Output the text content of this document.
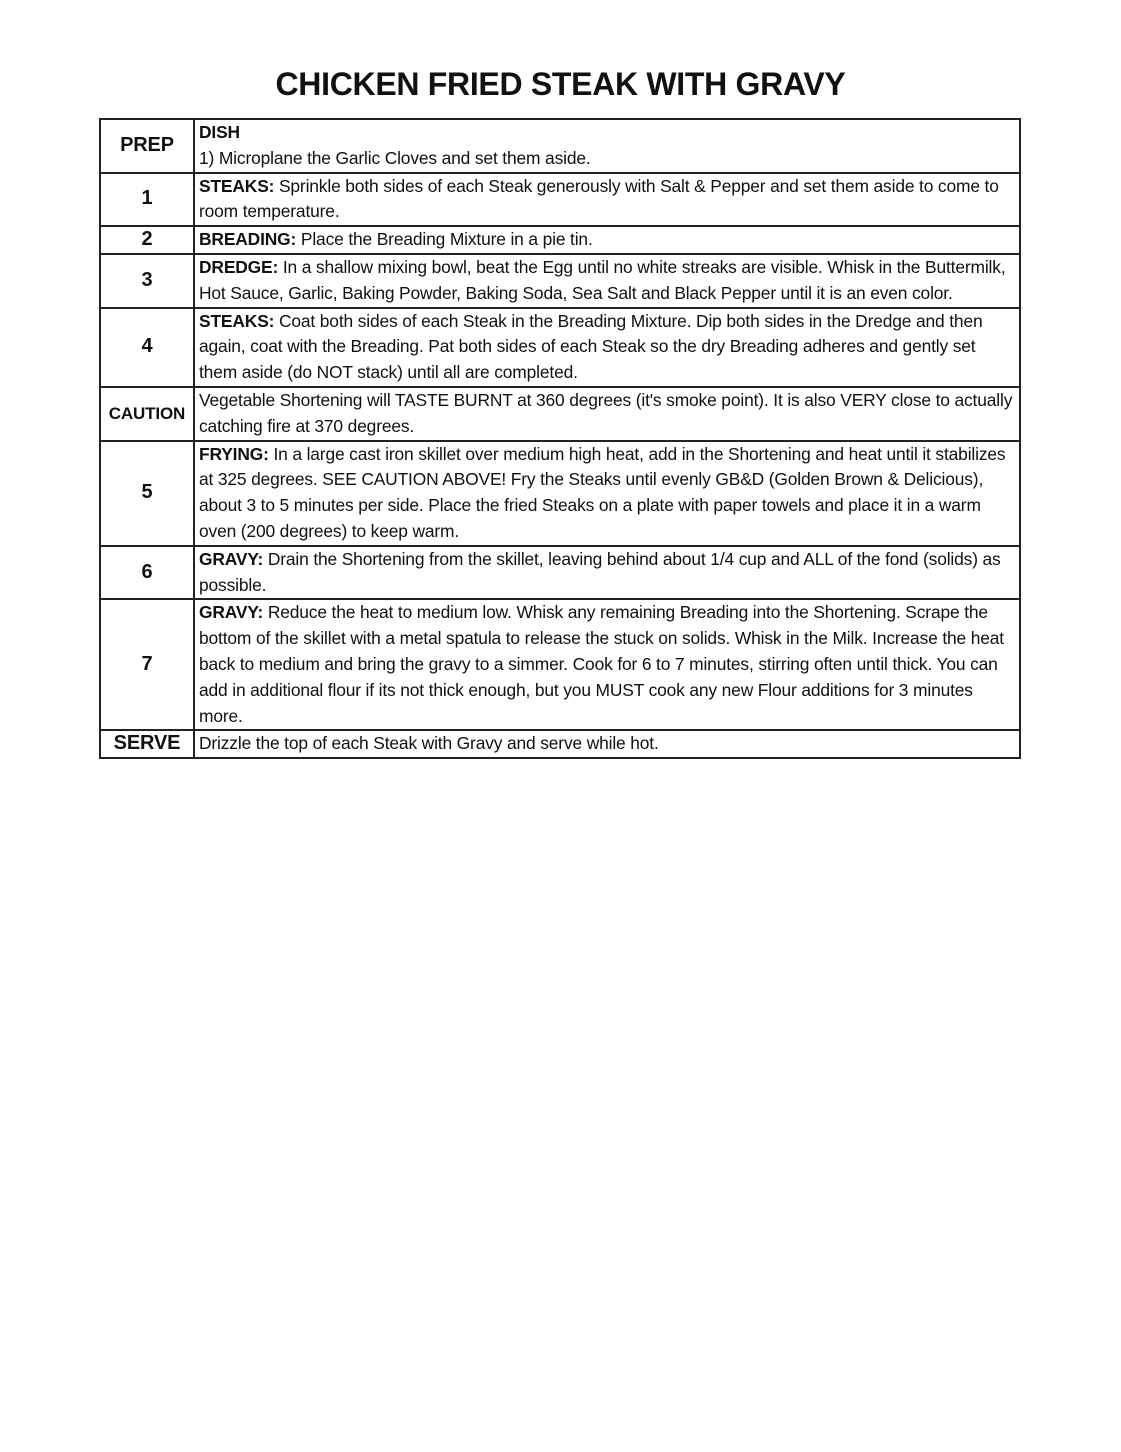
CHICKEN FRIED STEAK WITH GRAVY
PREP	DISH
1) Microplane the Garlic Cloves and set them aside.
1	STEAKS: Sprinkle both sides of each Steak generously with Salt & Pepper and set them aside to come to room temperature.
2	BREADING: Place the Breading Mixture in a pie tin.
3	DREDGE: In a shallow mixing bowl, beat the Egg until no white streaks are visible. Whisk in the Buttermilk, Hot Sauce, Garlic, Baking Powder, Baking Soda, Sea Salt and Black Pepper until it is an even color.
4	STEAKS: Coat both sides of each Steak in the Breading Mixture. Dip both sides in the Dredge and then again, coat with the Breading. Pat both sides of each Steak so the dry Breading adheres and gently set them aside (do NOT stack) until all are completed.
CAUTION	Vegetable Shortening will TASTE BURNT at 360 degrees (it's smoke point). It is also VERY close to actually catching fire at 370 degrees.
5	FRYING: In a large cast iron skillet over medium high heat, add in the Shortening and heat until it stabilizes at 325 degrees. SEE CAUTION ABOVE! Fry the Steaks until evenly GB&D (Golden Brown & Delicious), about 3 to 5 minutes per side. Place the fried Steaks on a plate with paper towels and place it in a warm oven (200 degrees) to keep warm.
6	GRAVY: Drain the Shortening from the skillet, leaving behind about 1/4 cup and ALL of the fond (solids) as possible.
7	GRAVY: Reduce the heat to medium low. Whisk any remaining Breading into the Shortening. Scrape the bottom of the skillet with a metal spatula to release the stuck on solids. Whisk in the Milk. Increase the heat back to medium and bring the gravy to a simmer. Cook for 6 to 7 minutes, stirring often until thick. You can add in additional flour if its not thick enough, but you MUST cook any new Flour additions for 3 minutes more.
SERVE	Drizzle the top of each Steak with Gravy and serve while hot.
